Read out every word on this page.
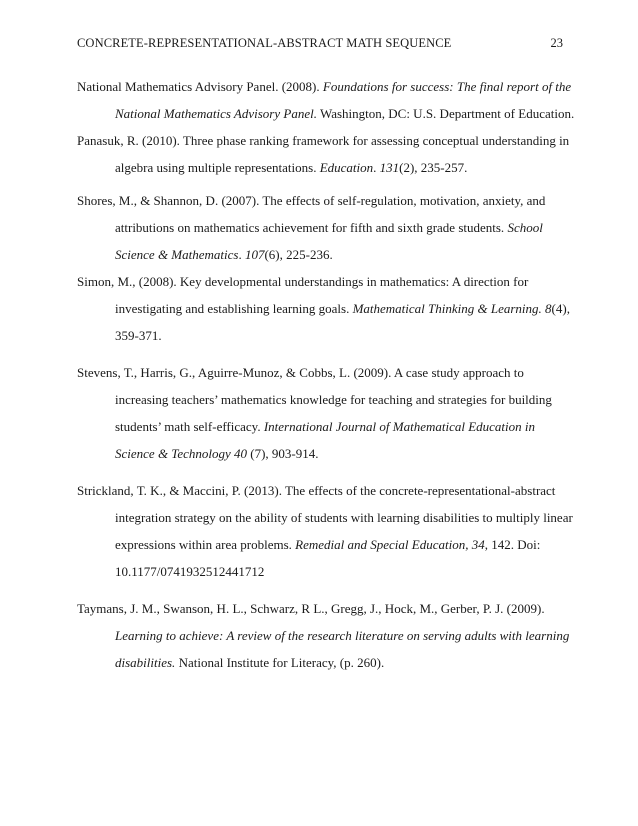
CONCRETE-REPRESENTATIONAL-ABSTRACT MATH SEQUENCE	23
National Mathematics Advisory Panel. (2008). Foundations for success: The final report of the
National Mathematics Advisory Panel. Washington, DC: U.S. Department of Education.
Panasuk, R. (2010). Three phase ranking framework for assessing conceptual understanding in
algebra using multiple representations. Education. 131(2), 235-257.
Shores, M., & Shannon, D. (2007). The effects of self-regulation, motivation, anxiety, and
attributions on mathematics achievement for fifth and sixth grade students. School
Science & Mathematics. 107(6), 225-236.
Simon, M., (2008). Key developmental understandings in mathematics: A direction for
investigating and establishing learning goals. Mathematical Thinking & Learning. 8(4),
359-371.
Stevens, T., Harris, G., Aguirre-Munoz, & Cobbs, L. (2009). A case study approach to
increasing teachers’ mathematics knowledge for teaching and strategies for building
students’ math self-efficacy. International Journal of Mathematical Education in
Science & Technology 40 (7), 903-914.
Strickland, T. K., & Maccini, P. (2013). The effects of the concrete-representational-abstract
integration strategy on the ability of students with learning disabilities to multiply linear
expressions within area problems. Remedial and Special Education, 34, 142. Doi:
10.1177/0741932512441712
Taymans, J. M., Swanson, H. L., Schwarz, R L., Gregg, J., Hock, M., Gerber, P. J. (2009).
Learning to achieve: A review of the research literature on serving adults with learning
disabilities. National Institute for Literacy, (p. 260).
